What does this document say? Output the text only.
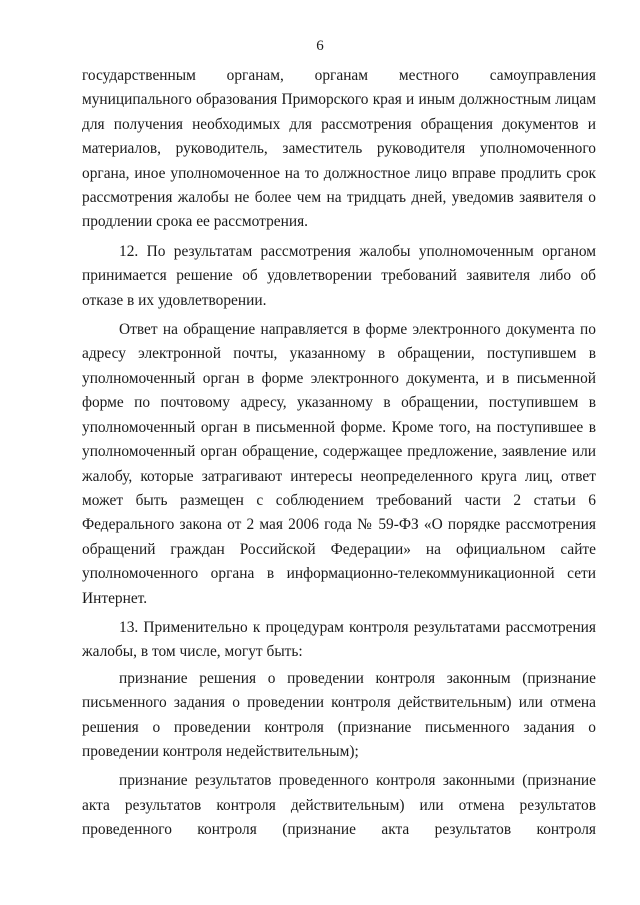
6

государственным органам, органам местного самоуправления муниципального образования Приморского края и иным должностным лицам для получения необходимых для рассмотрения обращения документов и материалов, руководитель, заместитель руководителя уполномоченного органа, иное уполномоченное на то должностное лицо вправе продлить срок рассмотрения жалобы не более чем на тридцать дней, уведомив заявителя о продлении срока ее рассмотрения.

12. По результатам рассмотрения жалобы уполномоченным органом принимается решение об удовлетворении требований заявителя либо об отказе в их удовлетворении.

Ответ на обращение направляется в форме электронного документа по адресу электронной почты, указанному в обращении, поступившем в уполномоченный орган в форме электронного документа, и в письменной форме по почтовому адресу, указанному в обращении, поступившем в уполномоченный орган в письменной форме. Кроме того, на поступившее в уполномоченный орган обращение, содержащее предложение, заявление или жалобу, которые затрагивают интересы неопределенного круга лиц, ответ может быть размещен с соблюдением требований части 2 статьи 6 Федерального закона от 2 мая 2006 года № 59-ФЗ «О порядке рассмотрения обращений граждан Российской Федерации» на официальном сайте уполномоченного органа в информационно-телекоммуникационной сети Интернет.

13. Применительно к процедурам контроля результатами рассмотрения жалобы, в том числе, могут быть:

признание решения о проведении контроля законным (признание письменного задания о проведении контроля действительным) или отмена решения о проведении контроля (признание письменного задания о проведении контроля недействительным);

признание результатов проведенного контроля законными (признание акта результатов контроля действительным) или отмена результатов проведенного контроля (признание акта результатов контроля
